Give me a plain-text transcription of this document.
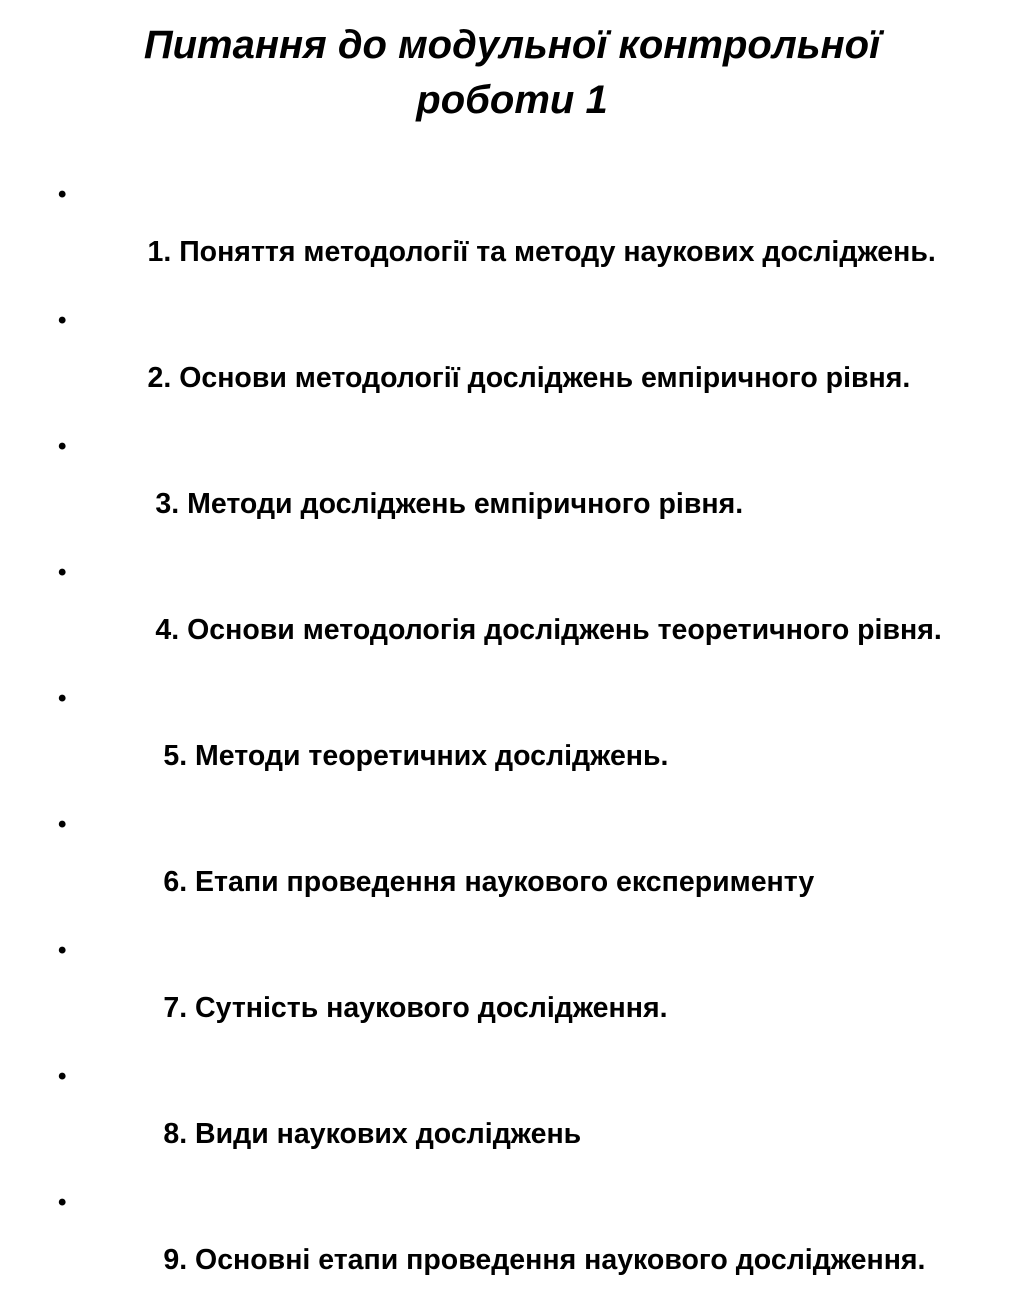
Питання до модульної контрольної роботи 1

•

1. Поняття методології та методу наукових досліджень.

•

2. Основи методології досліджень емпіричного рівня.

•

3. Методи досліджень емпіричного рівня.

•

4. Основи методологія досліджень теоретичного рівня.

•

5. Методи теоретичних досліджень.

•

6. Етапи проведення наукового експерименту

•

7. Сутність наукового дослідження.

•

8. Види наукових досліджень

•

9. Основні етапи проведення наукового дослідження.
